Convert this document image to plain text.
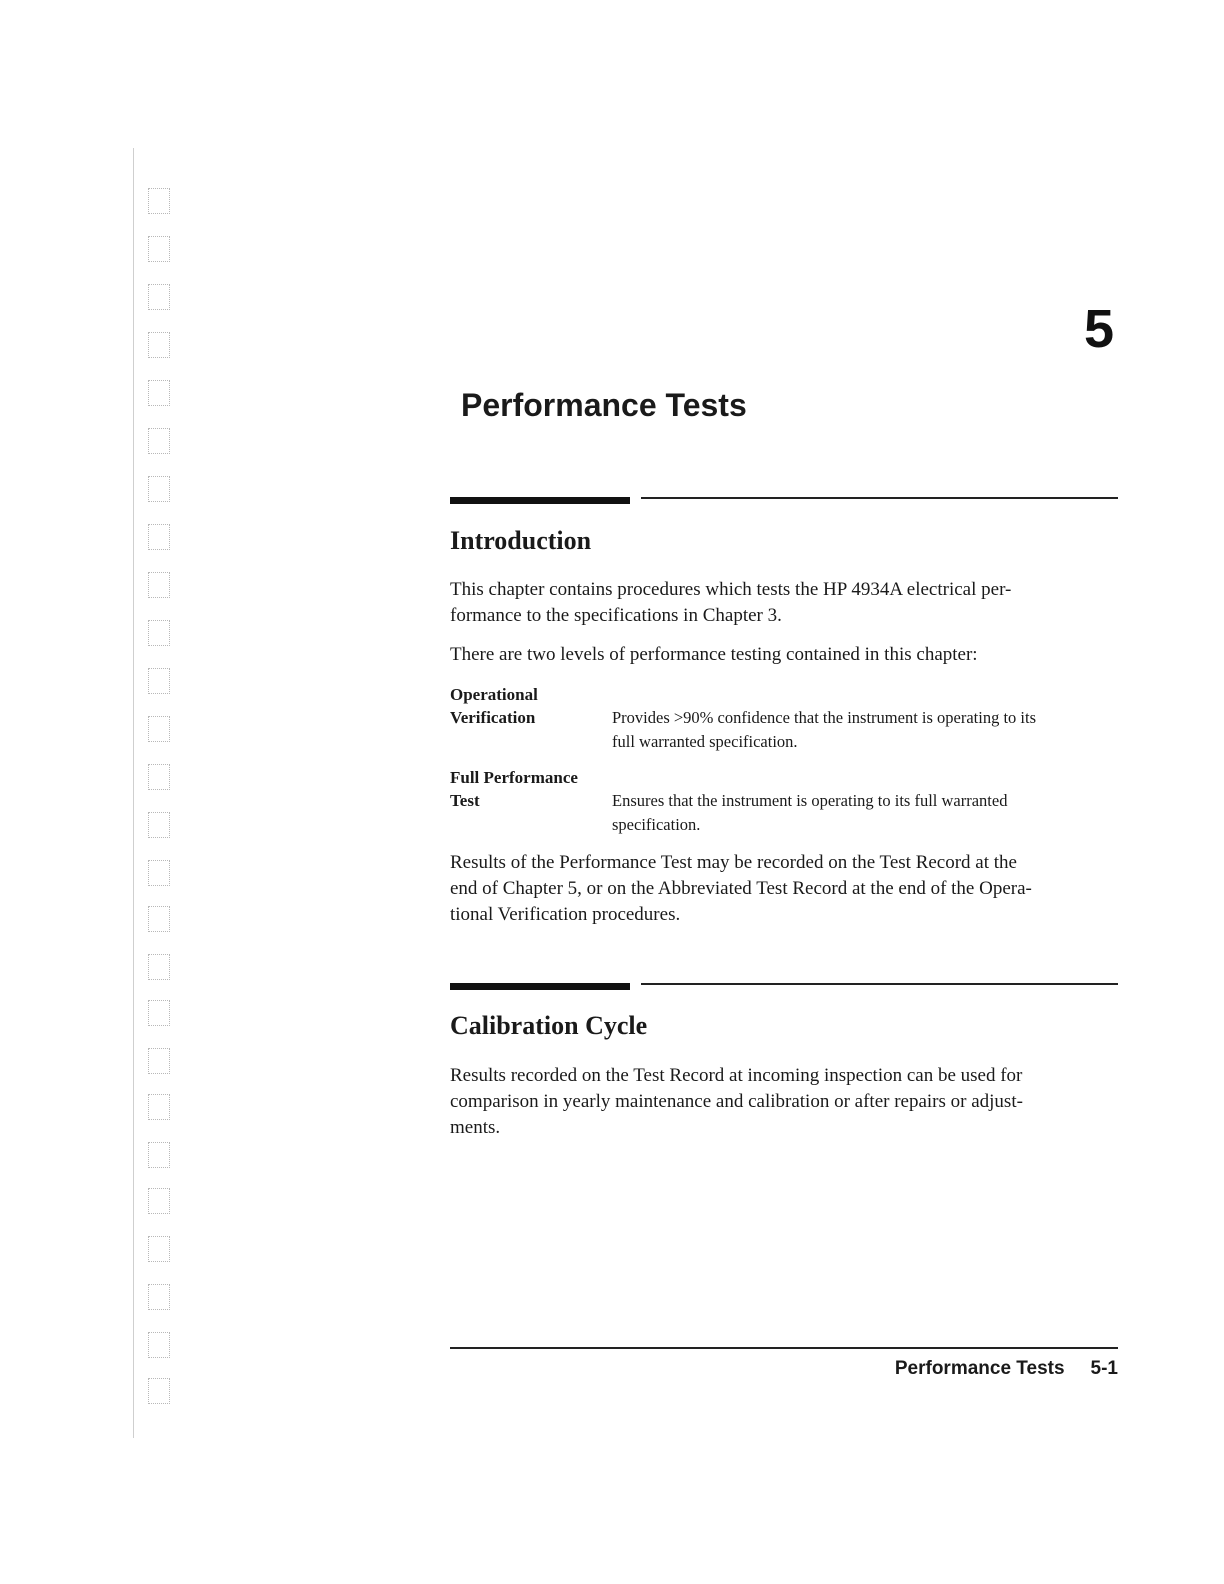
5
Performance Tests
Introduction

This chapter contains procedures which tests the HP 4934A electrical per-
formance to the specifications in Chapter 3.

There are two levels of performance testing contained in this chapter:

Operational
Verification	Provides >90% confidence that the instrument is operating to its
full warranted specification.

Full Performance
Test	Ensures that the instrument is operating to its full warranted
specification.

Results of the Performance Test may be recorded on the Test Record at the
end of Chapter 5, or on the Abbreviated Test Record at the end of the Opera-
tional Verification procedures.

Calibration Cycle

Results recorded on the Test Record at incoming inspection can be used for
comparison in yearly maintenance and calibration or after repairs or adjust-
ments.

Performance Tests 5-1
